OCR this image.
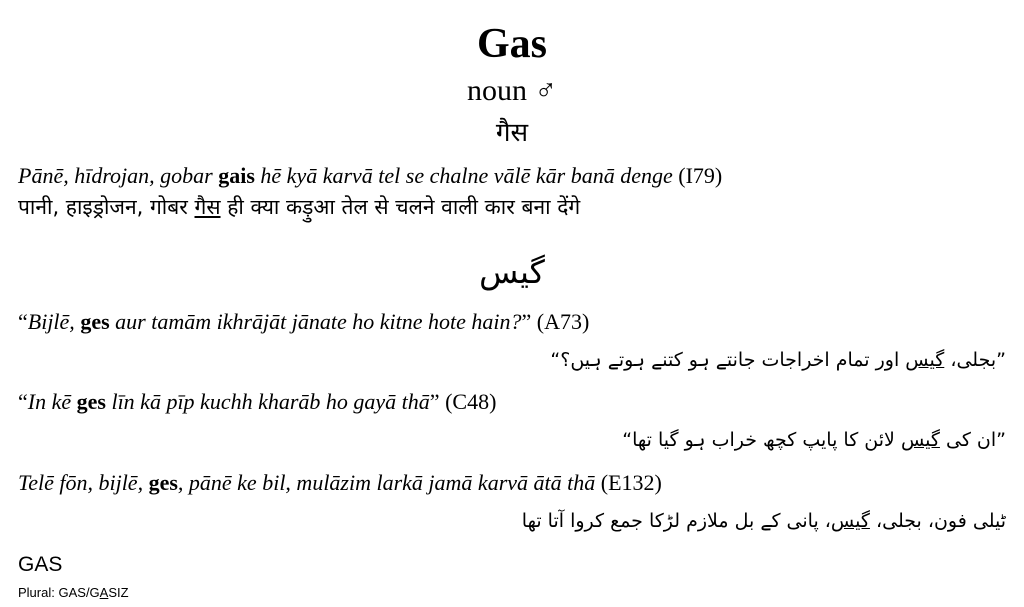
Gas
noun ♂
गैस
Pānē, hīdrojan, gobar gais hē kyā karvā tel se chalne vālē kār banā denge (I79)
पानी, हाइड्रोजन, गोबर गैस ही क्या कड़ुआ तेल से चलने वाली कार बना देंगे
گیس
“Bijlē, ges aur tamām ikhrājāt jānate ho kitne hote hain?” (A73)
”بجلی، گیس اور تمام اخراجات جانتے ہو کتنے ہوتے ہیں؟“
“In kē ges līn kā pīp kuchh kharāb ho gayā thā” (C48)
”ان کی گیس لائن کا پایپ کچھ خراب ہو گیا تھا“
Telē fōn, bijlē, ges, pānē ke bil, mulāzim larkā jamā karvā ātā thā (E132)
ٹیلی فون، بجلی، گیس، پانی کے بل ملازم لڑکا جمع کروا آتا تھا
GAS
Plural: GAS/GASIZ
